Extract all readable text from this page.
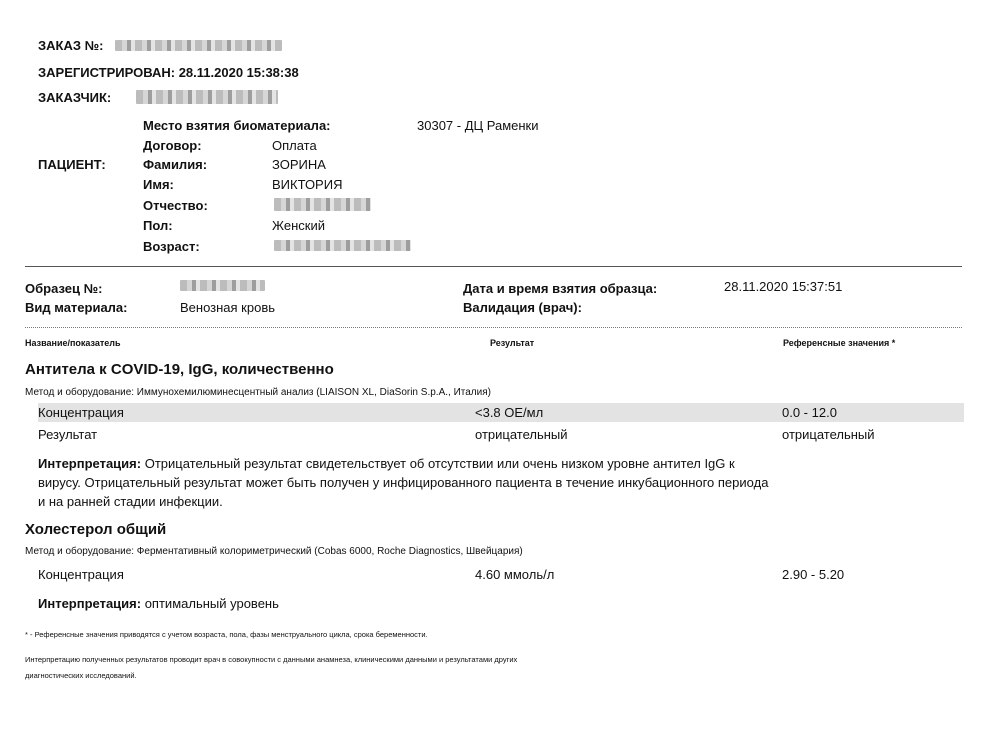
ЗАКАЗ №:
ЗАРЕГИСТРИРОВАН: 28.11.2020 15:38:38
ЗАКАЗЧИК:
ПАЦИЕНТ:
Место взятия биоматериала:	30307 - ДЦ Раменки
Договор:	Оплата
Фамилия:	ЗОРИНА
Имя:	ВИКТОРИЯ
Отчество:
Пол:	Женский
Возраст:
Образец №:
Вид материала:	Венозная кровь
Дата и время взятия образца:	28.11.2020 15:37:51
Валидация (врач):
Название/показатель	Результат	Референсные значения *
Антитела к COVID-19, IgG, количественно
Метод и оборудование: Иммунохемилюминесцентный анализ (LIAISON XL, DiaSorin S.p.A., Италия)
Концентрация	<3.8 ОЕ/мл	0.0 - 12.0
Результат	отрицательный	отрицательный
Интерпретация: Отрицательный результат свидетельствует об отсутствии или очень низком уровне антител IgG к
вирусу. Отрицательный результат может быть получен у инфицированного пациента в течение инкубационного периода
и на ранней стадии инфекции.
Холестерол общий
Метод и оборудование: Ферментативный колориметрический (Cobas 6000, Roche Diagnostics, Швейцария)
Концентрация	4.60 ммоль/л	2.90 - 5.20
Интерпретация: оптимальный уровень
* - Референсные значения приводятся с учетом возраста, пола, фазы менструального цикла, срока беременности.
Интерпретацию полученных результатов проводит врач в совокупности с данными анамнеза, клиническими данными и результатами других
диагностических исследований.
